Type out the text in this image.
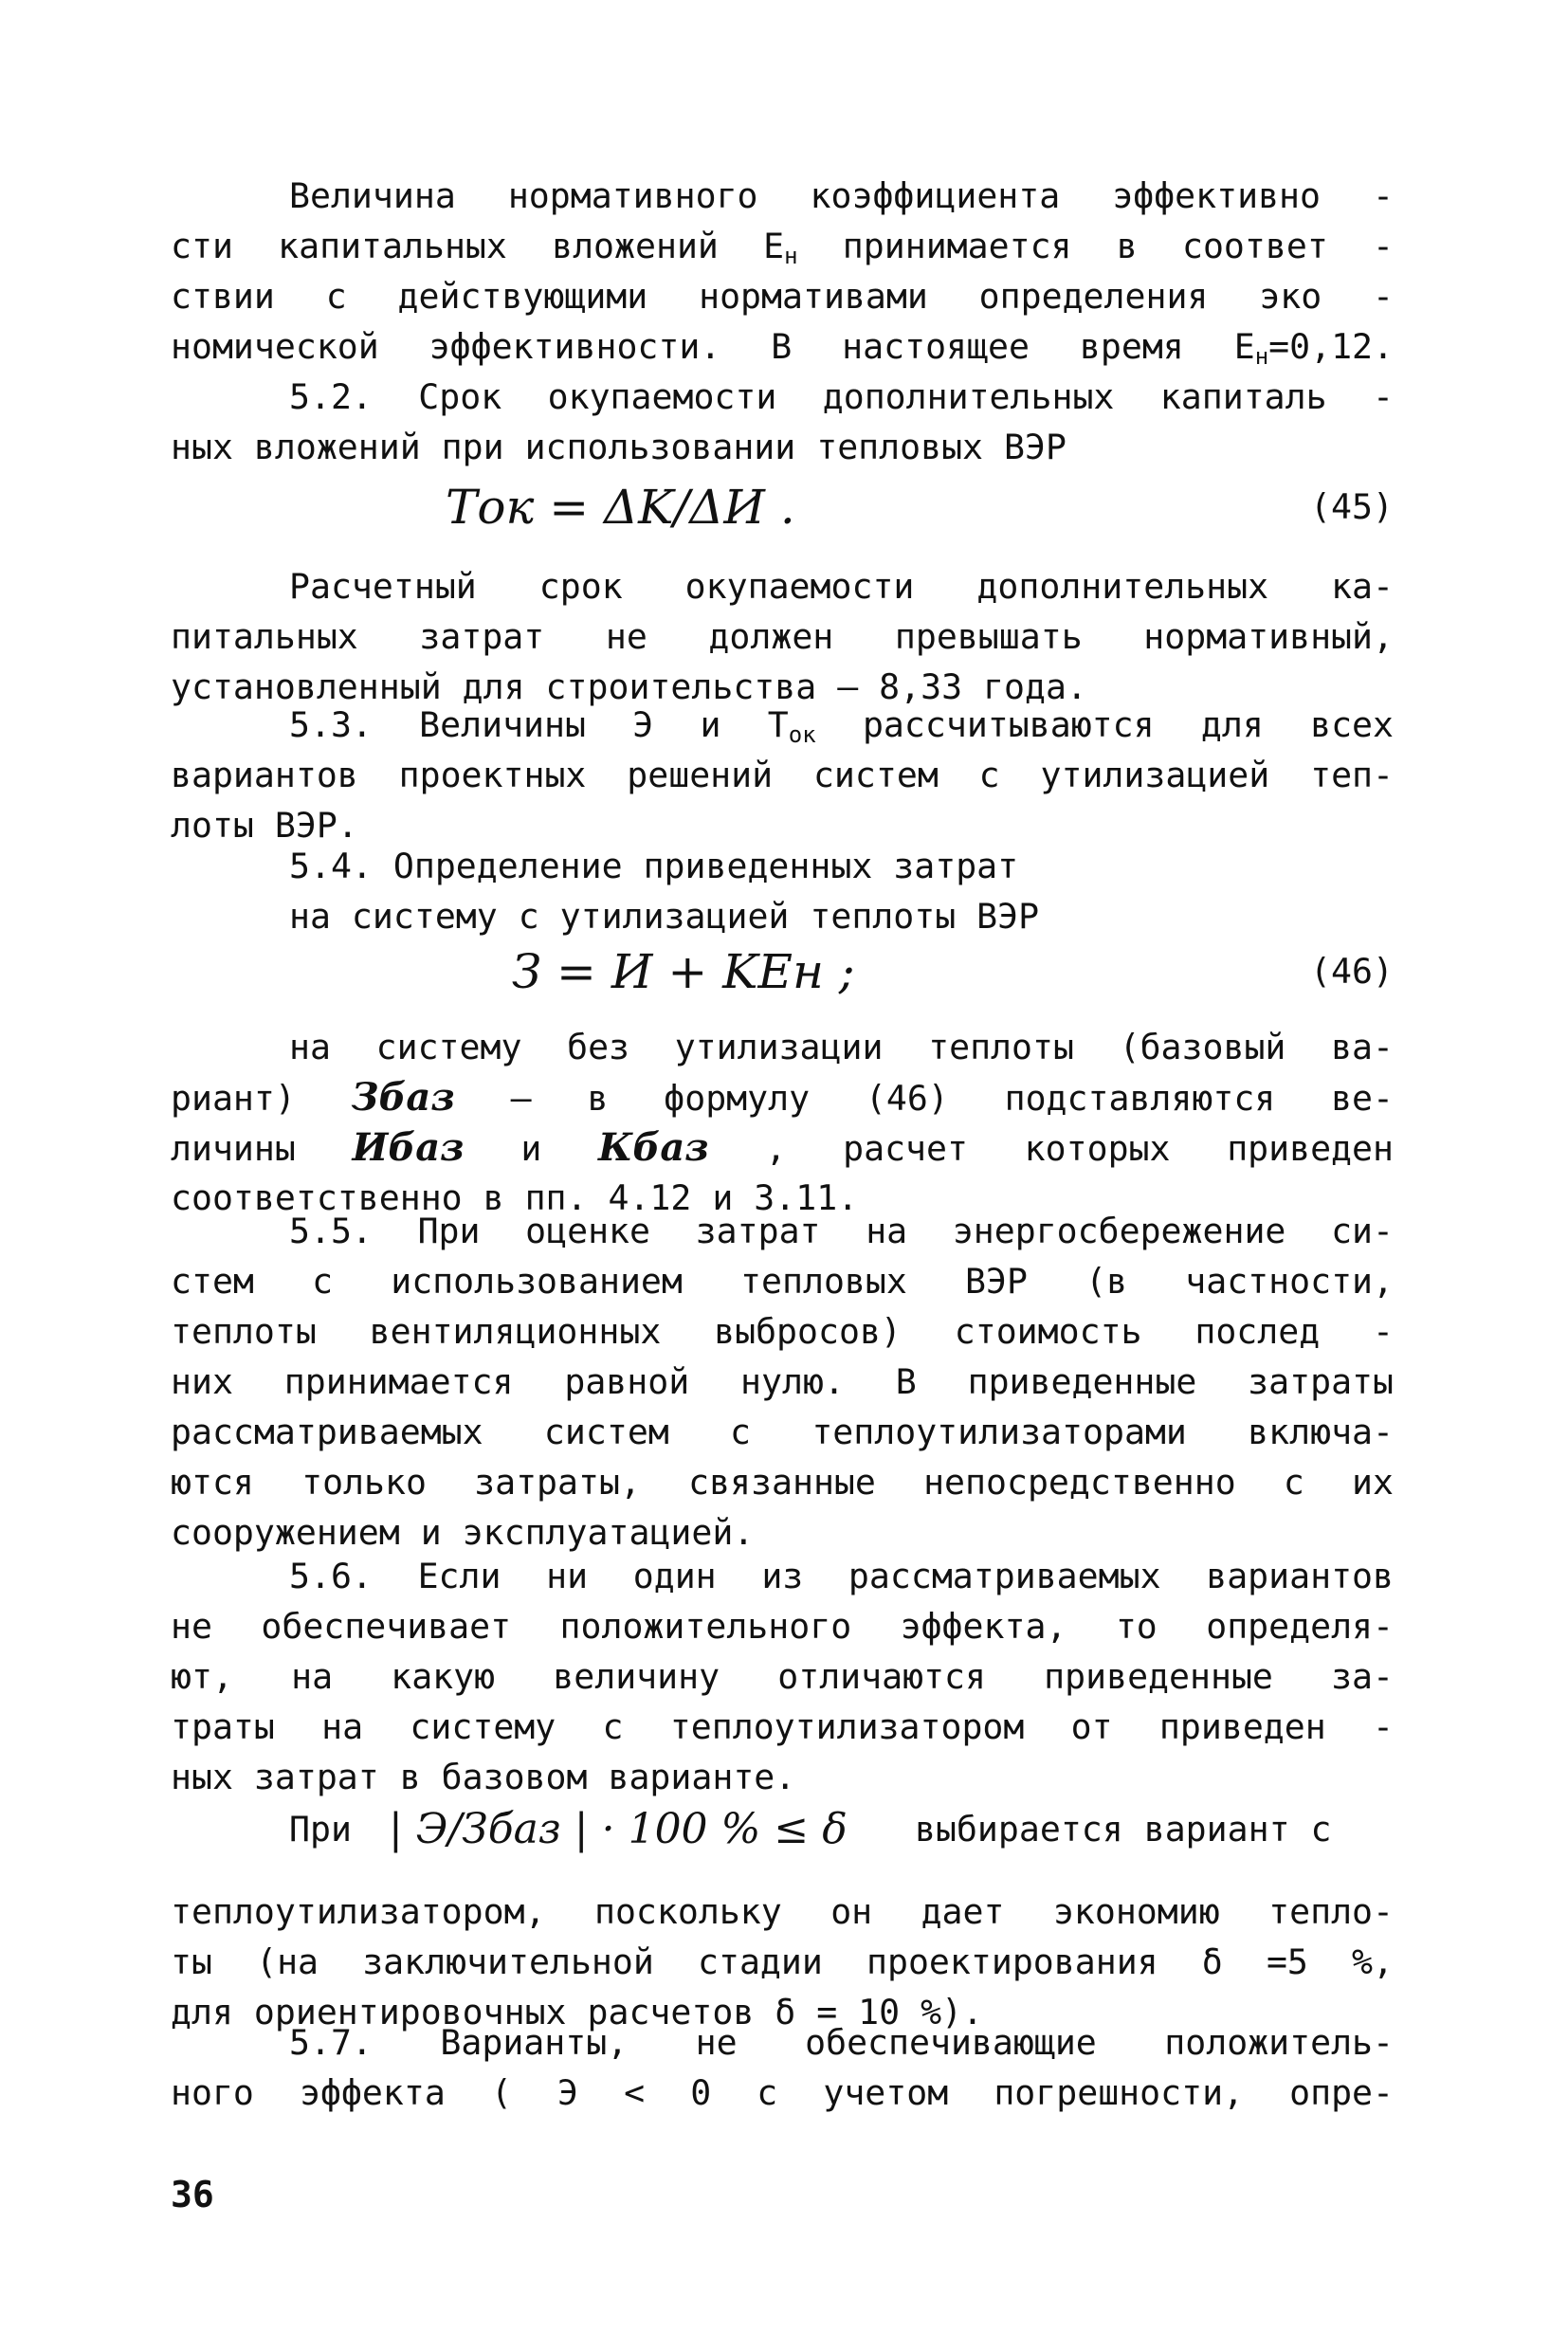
Величина нормативного коэффициента эффективно -
сти капитальных вложений $E_н$ принимается в соответ -
ствии с действующими нормативами определения эко -
номической эффективности. В настоящее время $E_н=0,12$.
5.2. Срок окупаемости дополнительных капиталь -
ных вложений при использовании тепловых ВЭР
Tок = ΔK/ΔИ .	(45)
Расчетный срок окупаемости дополнительных ка-
питальных затрат не должен превышать нормативный,
установленный для строительства – 8,33 года.
5.3. Величины Э и $T_{ок}$ рассчитываются для всех
вариантов проектных решений систем с утилизацией теп-
лоты ВЭР.
5.4. Определение приведенных затрат
на систему с утилизацией теплоты ВЭР
З = И + KEн ;	(46)
на систему без утилизации теплоты (базовый ва-
риант) Збаз – в формулу (46) подставляются ве-
личины Ибаз и Кбаз , расчет которых приведен
соответственно в пп. 4.12 и 3.11.
5.5. При оценке затрат на энергосбережение си-
стем с использованием тепловых ВЭР (в частности,
теплоты вентиляционных выбросов) стоимость послед -
них принимается равной нулю. В приведенные затраты
рассматриваемых систем с теплоутилизаторами включа-
ются только затраты, связанные непосредственно с их
сооружением и эксплуатацией.
5.6. Если ни один из рассматриваемых вариантов
не обеспечивает положительного эффекта, то определя-
ют, на какую величину отличаются приведенные за-
траты на систему с теплоутилизатором от приведен -
ных затрат в базовом варианте.
При | Э/Збаз | · 100 % ≤ δ выбирается вариант с
теплоутилизатором, поскольку он дает экономию тепло-
ты (на заключительной стадии проектирования δ =5 %,
для ориентировочных расчетов δ = 10 %).
5.7. Варианты, не обеспечивающие положитель-
ного эффекта ( Э < 0 с учетом погрешности, опре-
36
